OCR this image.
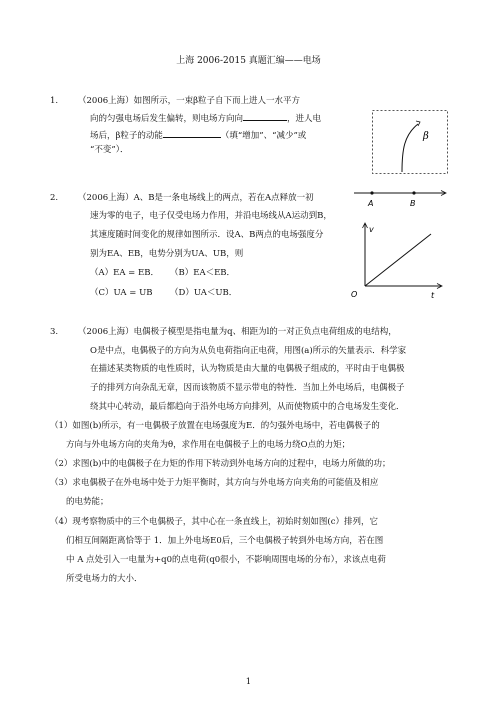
上海 2006-2015 真题汇编——电场
1. （2006上海）如图所示，一束β粒子自下而上进人一水平方
向的匀强电场后发生偏转，则电场方向向	，进人电
场后，β粒子的动能	（填“增加”、“减少”或
“不变”）．
β
2. （2006上海）A、B是一条电场线上的两点，若在A点释放一初
速为零的电子，电子仅受电场力作用，并沿电场线从A运动到B，
其速度随时间变化的规律如图所示．设A、B两点的电场强度分
别为EA、EB，电势分别为UA、UB，则
（A）EA = EB． （B）EA＜EB．
（C）UA = UB （D）UA＜UB．
A	B
v
O	t
3. （2006上海）电偶极子模型是指电量为q、相距为l的一对正负点电荷组成的电结构，
O是中点，电偶极子的方向为从负电荷指向正电荷，用图(a)所示的矢量表示．科学家
在描述某类物质的电性质时，认为物质是由大量的电偶极子组成的，平时由于电偶极
子的排列方向杂乱无章，因而该物质不显示带电的特性．当加上外电场后，电偶极子
绕其中心转动，最后都趋向于沿外电场方向排列，从而使物质中的合电场发生变化．
（1）如图(b)所示，有一电偶极子放置在电场强度为E．的匀强外电场中，若电偶极子的
方向与外电场方向的夹角为θ，求作用在电偶极子上的电场力绕O点的力矩；
（2）求图(b)中的电偶极子在力矩的作用下转动到外电场方向的过程中，电场力所做的功；
（3）求电偶极子在外电场中处于力矩平衡时，其方向与外电场方向夹角的可能值及相应
的电势能；
（4）现考察物质中的三个电偶极子，其中心在一条直线上，初始时刻如图(c）排列，它
们相互间隔距离恰等于 1．加上外电场E0后，三个电偶极子转到外电场方向，若在图
中 A 点处引入一电量为+q0的点电荷(q0很小，不影响周围电场的分布），求该点电荷
所受电场力的大小．
1
